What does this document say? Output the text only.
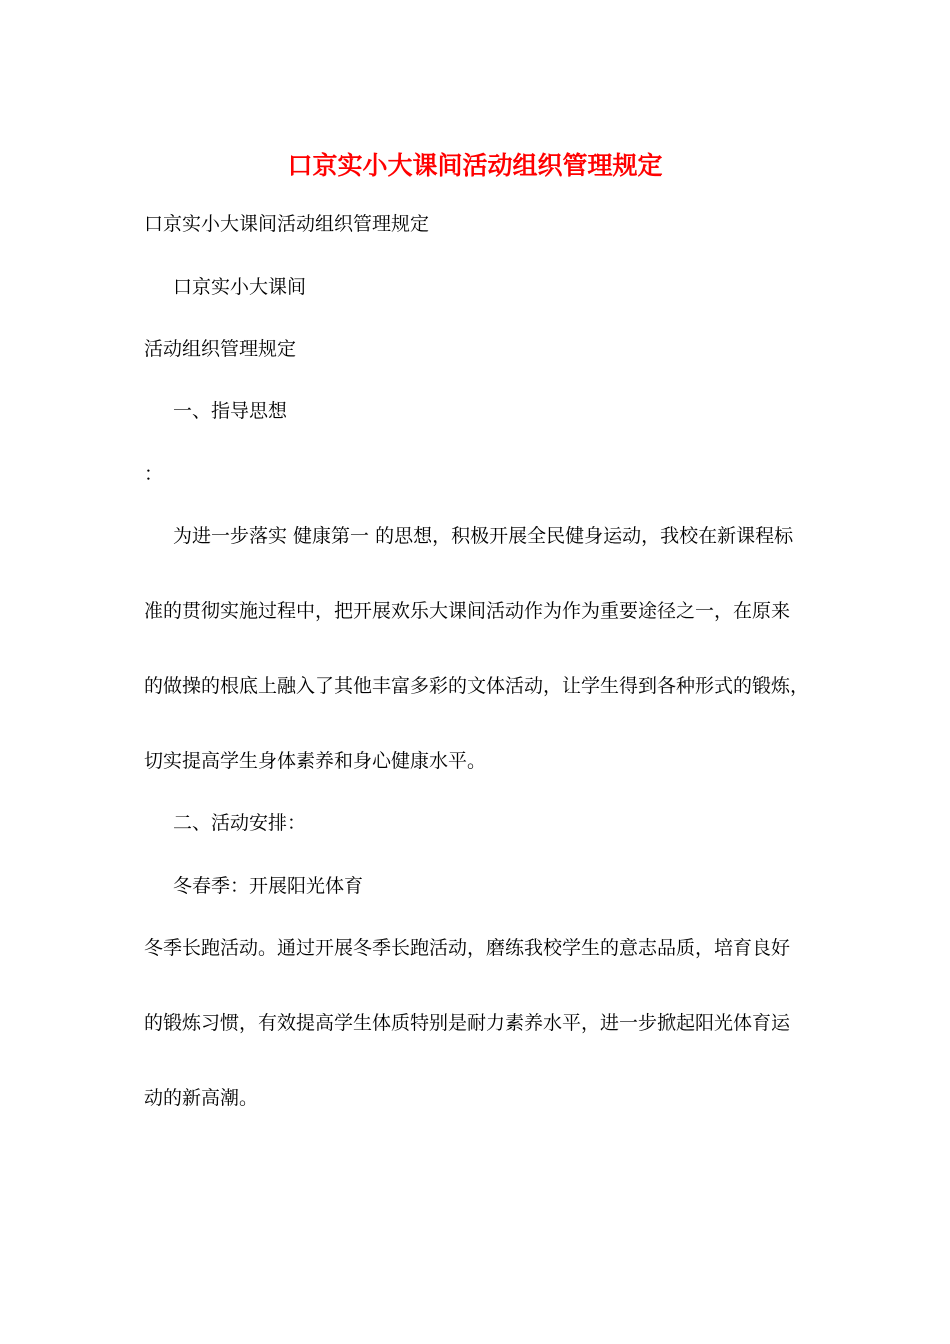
口京实小大课间活动组织管理规定
口京实小大课间活动组织管理规定
口京实小大课间
活动组织管理规定
一、指导思想
：
为进一步落实 健康第一 的思想，积极开展全民健身运动，我校在新课程标
准的贯彻实施过程中，把开展欢乐大课间活动作为作为重要途径之一，在原来
的做操的根底上融入了其他丰富多彩的文体活动，让学生得到各种形式的锻炼，
切实提高学生身体素养和身心健康水平。
二、活动安排：
冬春季：开展阳光体育
冬季长跑活动。通过开展冬季长跑活动，磨练我校学生的意志品质，培育良好
的锻炼习惯，有效提高学生体质特别是耐力素养水平，进一步掀起阳光体育运
动的新高潮。
